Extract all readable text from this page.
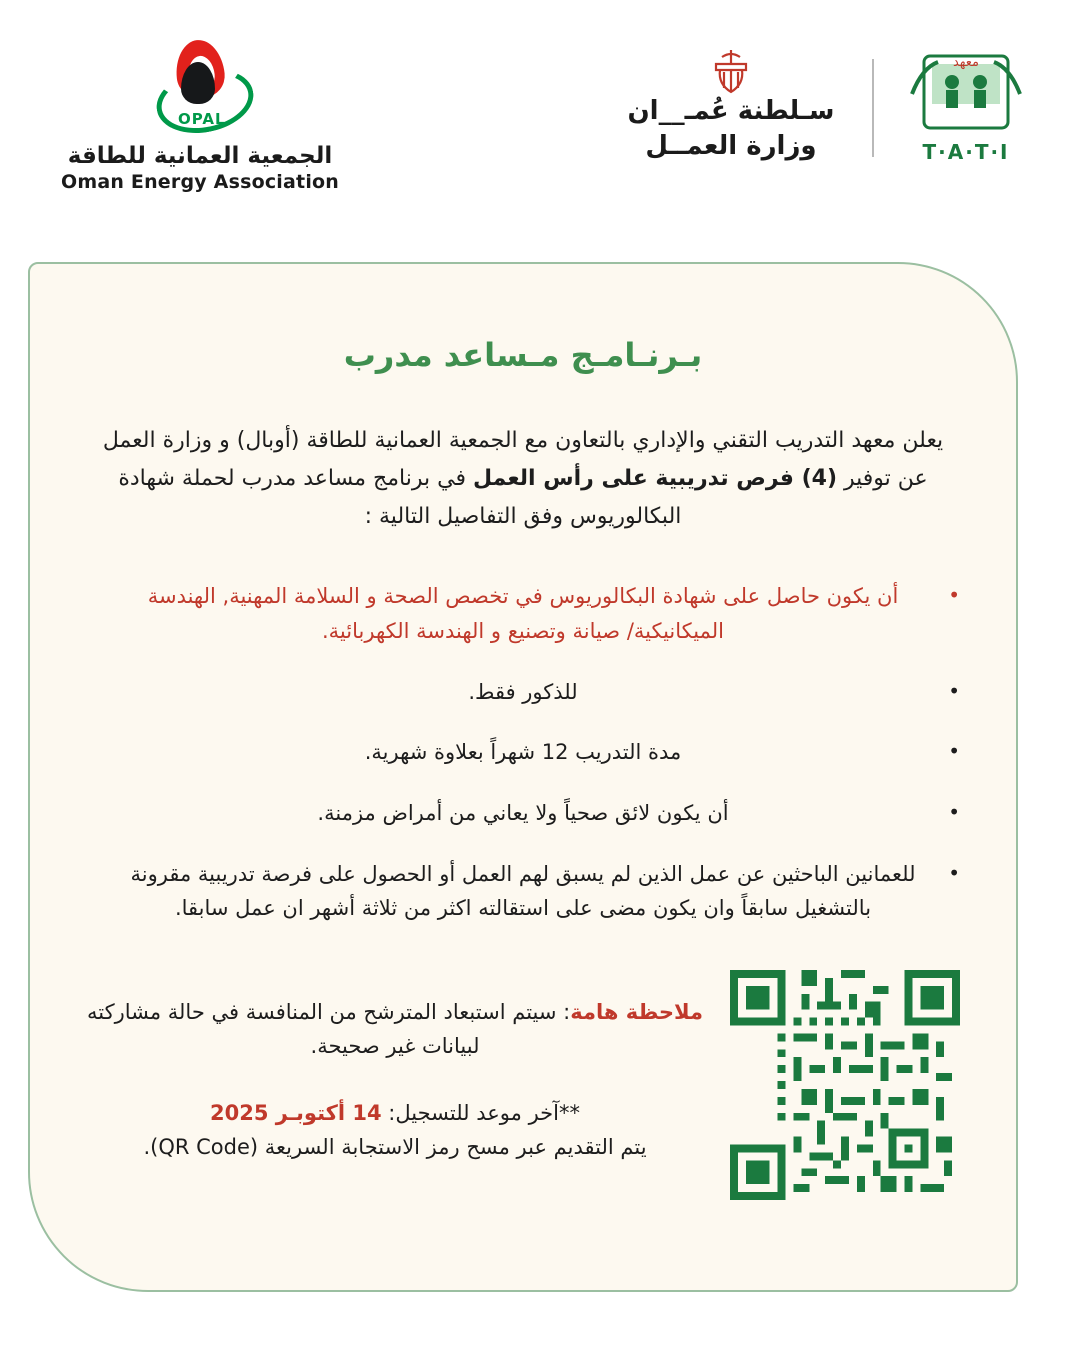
OPAL
الجمعية العمانية للطاقة
Oman Energy Association
سـلطنة عُمـ__ان
وزارة العمــل
معهد
T·A·T·I
بـرنـامـج مـساعد مدرب

يعلن معهد التدريب التقني والإداري بالتعاون مع الجمعية العمانية للطاقة (أوبال) و وزارة العمل عن توفير (4) فرص تدريبية على رأس العمل في برنامج مساعد مدرب لحملة شهادة البكالوريوس وفق التفاصيل التالية :

• أن يكون حاصل على شهادة البكالوريوس في تخصص الصحة و السلامة المهنية, الهندسة الميكانيكية/ صيانة وتصنيع و الهندسة الكهربائية.
• للذكور فقط.
• مدة التدريب 12 شهراً بعلاوة شهرية.
• أن يكون لائق صحياً ولا يعاني من أمراض مزمنة.
• للعمانين الباحثين عن عمل الذين لم يسبق لهم العمل أو الحصول على فرصة تدريبية مقرونة بالتشغيل سابقاً وان يكون مضى على استقالته اكثر من ثلاثة أشهر ان عمل سابقا.

ملاحظة هامة: سيتم استبعاد المترشح من المنافسة في حالة مشاركته لبيانات غير صحيحة.

**آخر موعد للتسجيل: 14 أكتوبـر 2025
يتم التقديم عبر مسح رمز الاستجابة السريعة (QR Code).
